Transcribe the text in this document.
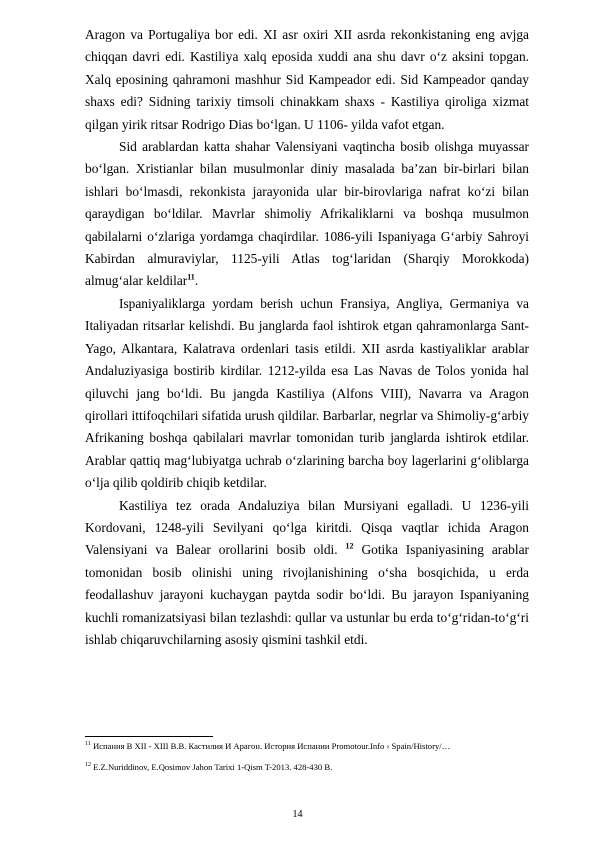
Aragon va Portugaliya bor edi. XI asr oxiri XII asrda rekonkistaning eng avjga chiqqan davri edi. Kastiliya xalq eposida xuddi ana shu davr o‘z aksini topgan. Xalq eposining qahramoni mashhur Sid Kampeador edi. Sid Kampeador qanday shaxs edi? Sidning tarixiy timsoli chinakkam shaxs - Kastiliya qiroliga xizmat qilgan yirik ritsar Rodrigo Dias bo‘lgan. U 1106- yilda vafot etgan.

Sid arablardan katta shahar Valensiyani vaqtincha bosib olishga muyassar bo‘lgan. Xristianlar bilan musulmonlar diniy masalada ba’zan bir-birlari bilan ishlari bo‘lmasdi, rekonkista jarayonida ular bir-birovlariga nafrat ko‘zi bilan qaraydigan bo‘ldilar. Mavrlar shimoliy Afrikaliklarni va boshqa musulmon qabilalarni o‘zlariga yordamga chaqirdilar. 1086-yili Ispaniyaga G‘arbiy Sahroyi Kabirdan almuraviylar, 1125-yili Atlas tog‘laridan (Sharqiy Morokkoda) almug‘alar keldilar$^{11}$.

Ispaniyaliklarga yordam berish uchun Fransiya, Angliya, Germaniya va Italiyadan ritsarlar kelishdi. Bu janglarda faol ishtirok etgan qahramonlarga Sant-Yago, Alkantara, Kalatrava ordenlari tasis etildi. XII asrda kastiyaliklar arablar Andaluziyasiga bostirib kirdilar. 1212-yilda esa Las Navas de Tolos yonida hal qiluvchi jang bo‘ldi. Bu jangda Kastiliya (Alfons VIII), Navarra va Aragon qirollari ittifoqchilari sifatida urush qildilar. Barbarlar, negrlar va Shimoliy-g‘arbiy Afrikaning boshqa qabilalari mavrlar tomonidan turib janglarda ishtirok etdilar. Arablar qattiq mag‘lubiyatga uchrab o‘zlarining barcha boy lagerlarini g‘oliblarga o‘lja qilib qoldirib chiqib ketdilar.

Kastiliya tez orada Andaluziya bilan Mursiyani egalladi. U 1236-yili Kordovani, 1248-yili Sevilyani qo‘lga kiritdi. Qisqa vaqtlar ichida Aragon Valensiyani va Balear orollarini bosib oldi. $^{12}$ Gotika Ispaniyasining arablar tomonidan bosib olinishi uning rivojlanishining o‘sha bosqichida, u erda feodallashuv jarayoni kuchaygan paytda sodir bo‘ldi. Bu jarayon Ispaniyaning kuchli romanizatsiyasi bilan tezlashdi: qullar va ustunlar bu erda to‘g‘ridan-to‘g‘ri ishlab chiqaruvchilarning asosiy qismini tashkil etdi.

$^{11}$ Испания В XII - XIII В.В. Кастилия И Арагон. История Испании Promotour.Info › Spain/History/…
$^{12}$ E.Z.Nuriddinov, E.Qosimov Jahon Tarixi 1-Qism T-2013. 428-430 B.
14
